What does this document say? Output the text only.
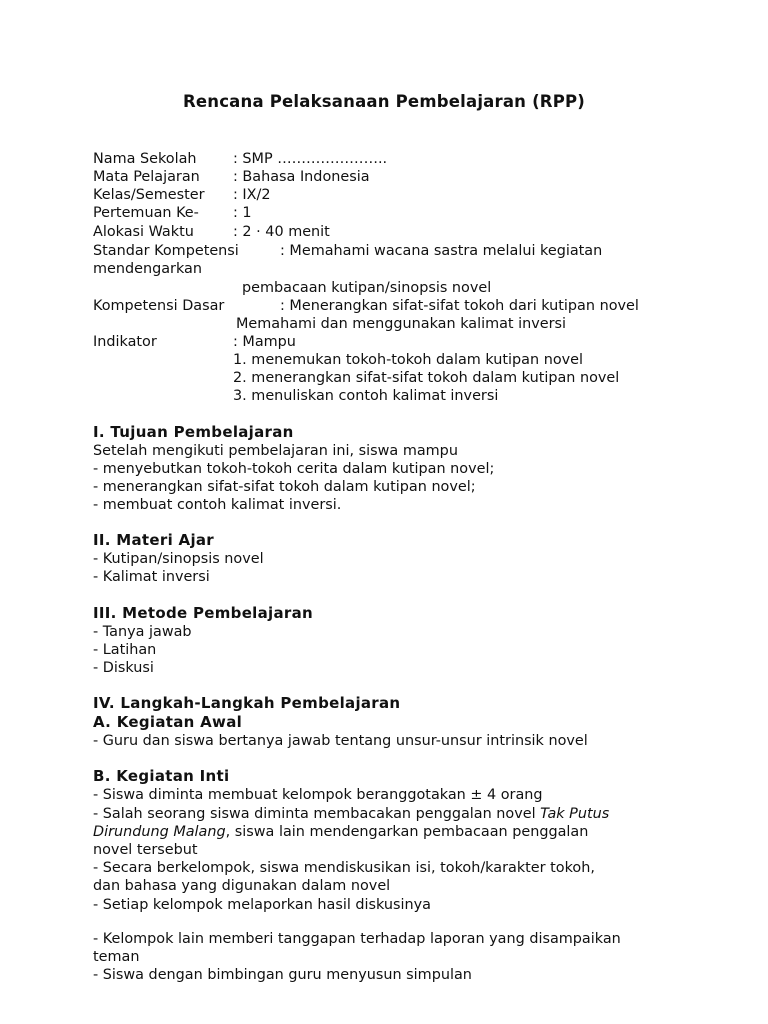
Rencana Pelaksanaan Pembelajaran (RPP)
Nama Sekolah	: SMP …………………..
Mata Pelajaran : Bahasa Indonesia
Kelas/Semester : IX/2
Pertemuan Ke- : 1
Alokasi Waktu	: 2 · 40 menit
Standar Kompetensi	: Memahami wacana sastra melalui kegiatan
mendengarkan
pembacaan kutipan/sinopsis novel
Kompetensi Dasar	: Menerangkan sifat-sifat tokoh dari kutipan novel
Memahami dan menggunakan kalimat inversi
Indikator	: Mampu
1. menemukan tokoh-tokoh dalam kutipan novel
2. menerangkan sifat-sifat tokoh dalam kutipan novel
3. menuliskan contoh kalimat inversi
I. Tujuan Pembelajaran
Setelah mengikuti pembelajaran ini, siswa mampu
- menyebutkan tokoh-tokoh cerita dalam kutipan novel;
- menerangkan sifat-sifat tokoh dalam kutipan novel;
- membuat contoh kalimat inversi.
II. Materi Ajar
- Kutipan/sinopsis novel
- Kalimat inversi
III. Metode Pembelajaran
- Tanya jawab
- Latihan
- Diskusi
IV. Langkah-Langkah Pembelajaran
A. Kegiatan Awal
- Guru dan siswa bertanya jawab tentang unsur-unsur intrinsik novel
B. Kegiatan Inti
- Siswa diminta membuat kelompok beranggotakan ± 4 orang
- Salah seorang siswa diminta membacakan penggalan novel Tak Putus
Dirundung Malang, siswa lain mendengarkan pembacaan penggalan
novel tersebut
- Secara berkelompok, siswa mendiskusikan isi, tokoh/karakter tokoh,
dan bahasa yang digunakan dalam novel
- Setiap kelompok melaporkan hasil diskusinya
- Kelompok lain memberi tanggapan terhadap laporan yang disampaikan
teman
- Siswa dengan bimbingan guru menyusun simpulan
